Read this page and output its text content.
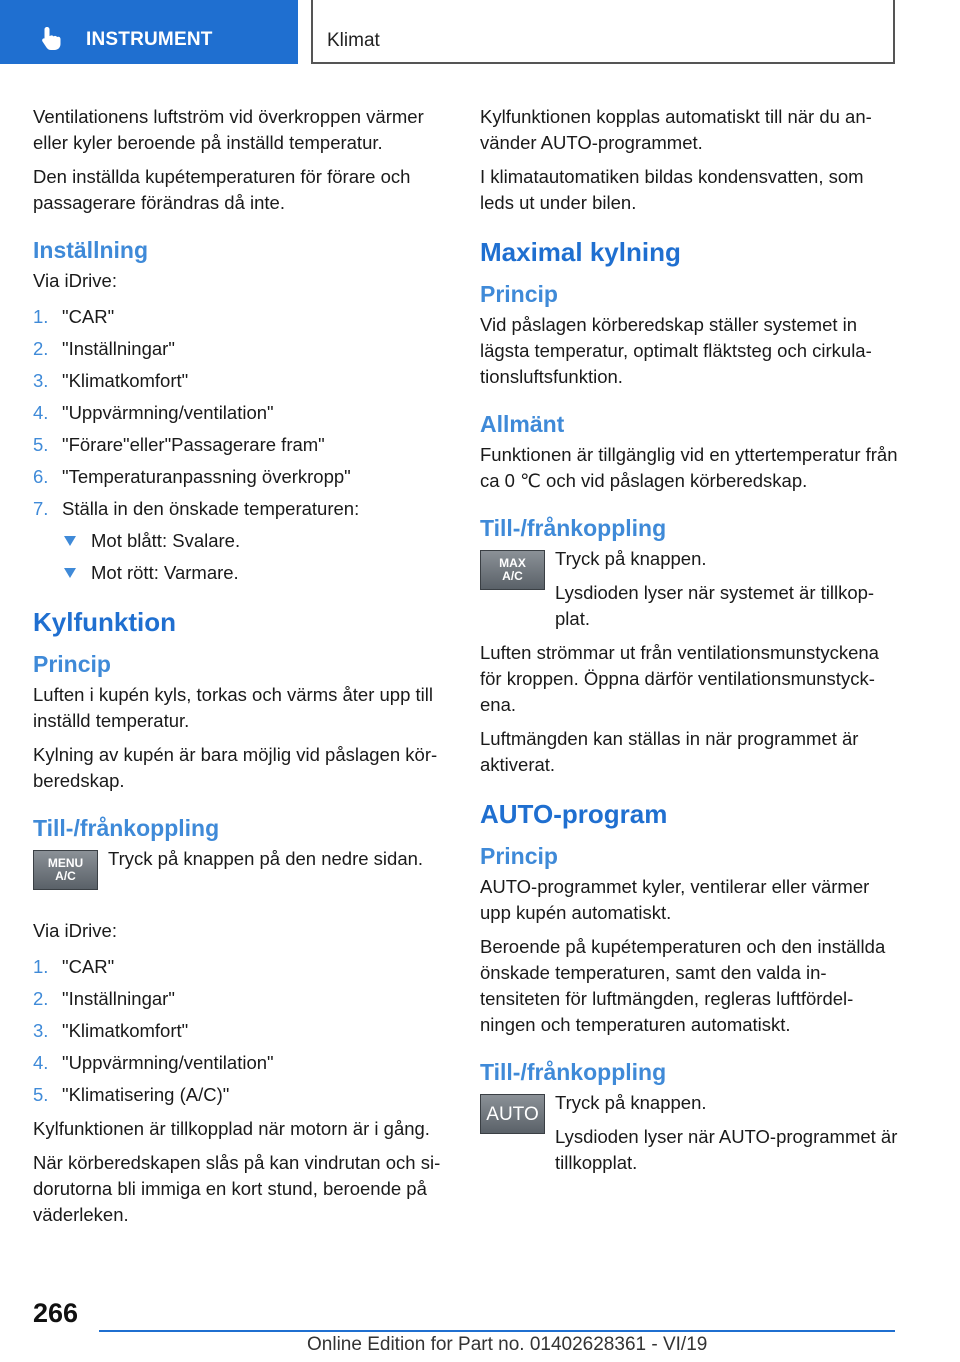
INSTRUMENT	Klimat

Ventilationens luftström vid överkroppen värmer eller kyler beroende på inställd temperatur.

Den inställda kupétemperaturen för förare och passagerare förändras då inte.

Inställning

Via iDrive:

1. "CAR"
2. "Inställningar"
3. "Klimatkomfort"
4. "Uppvärmning/ventilation"
5. "Förare"eller"Passagerare fram"
6. "Temperaturanpassning överkropp"
7. Ställa in den önskade temperaturen:
Mot blått: Svalare.
Mot rött: Varmare.
Kylfunktion
Princip

Luften i kupén kyls, torkas och värms åter upp till inställd temperatur.

Kylning av kupén är bara möjlig vid påslagen körberedskap.

Till-/frånkoppling
MENU
A/C

Tryck på knappen på den nedre sidan.

Via iDrive:

1. "CAR"
2. "Inställningar"
3. "Klimatkomfort"
4. "Uppvärmning/ventilation"
5. "Klimatisering (A/C)"

Kylfunktionen är tillkopplad när motorn är i gång.

När körberedskapen slås på kan vindrutan och sidorutorna bli immiga en kort stund, beroende på väderleken.

Kylfunktionen kopplas automatiskt till när du använder AUTO-programmet.

I klimatautomatiken bildas kondensvatten, som leds ut under bilen.

Maximal kylning
Princip

Vid påslagen körberedskap ställer systemet in lägsta temperatur, optimalt fläktsteg och cirkulationsluftsfunktion.

Allmänt

Funktionen är tillgänglig vid en yttertemperatur från ca 0 ℃ och vid påslagen körberedskap.

Till-/frånkoppling
MAX
A/C

Tryck på knappen.

Lysdioden lyser när systemet är tillkopplat.

Luften strömmar ut från ventilationsmunstyckena för kroppen. Öppna därför ventilationsmunstyckena.

Luftmängden kan ställas in när programmet är aktiverat.

AUTO-program
Princip

AUTO-programmet kyler, ventilerar eller värmer upp kupén automatiskt.

Beroende på kupétemperaturen och den inställda önskade temperaturen, samt den valda intensiteten för luftmängden, regleras luftfördelningen och temperaturen automatiskt.

Till-/frånkoppling
AUTO

Tryck på knappen.

Lysdioden lyser när AUTO-programmet är tillkopplat.

266
Online Edition for Part no. 01402628361 - VI/19
